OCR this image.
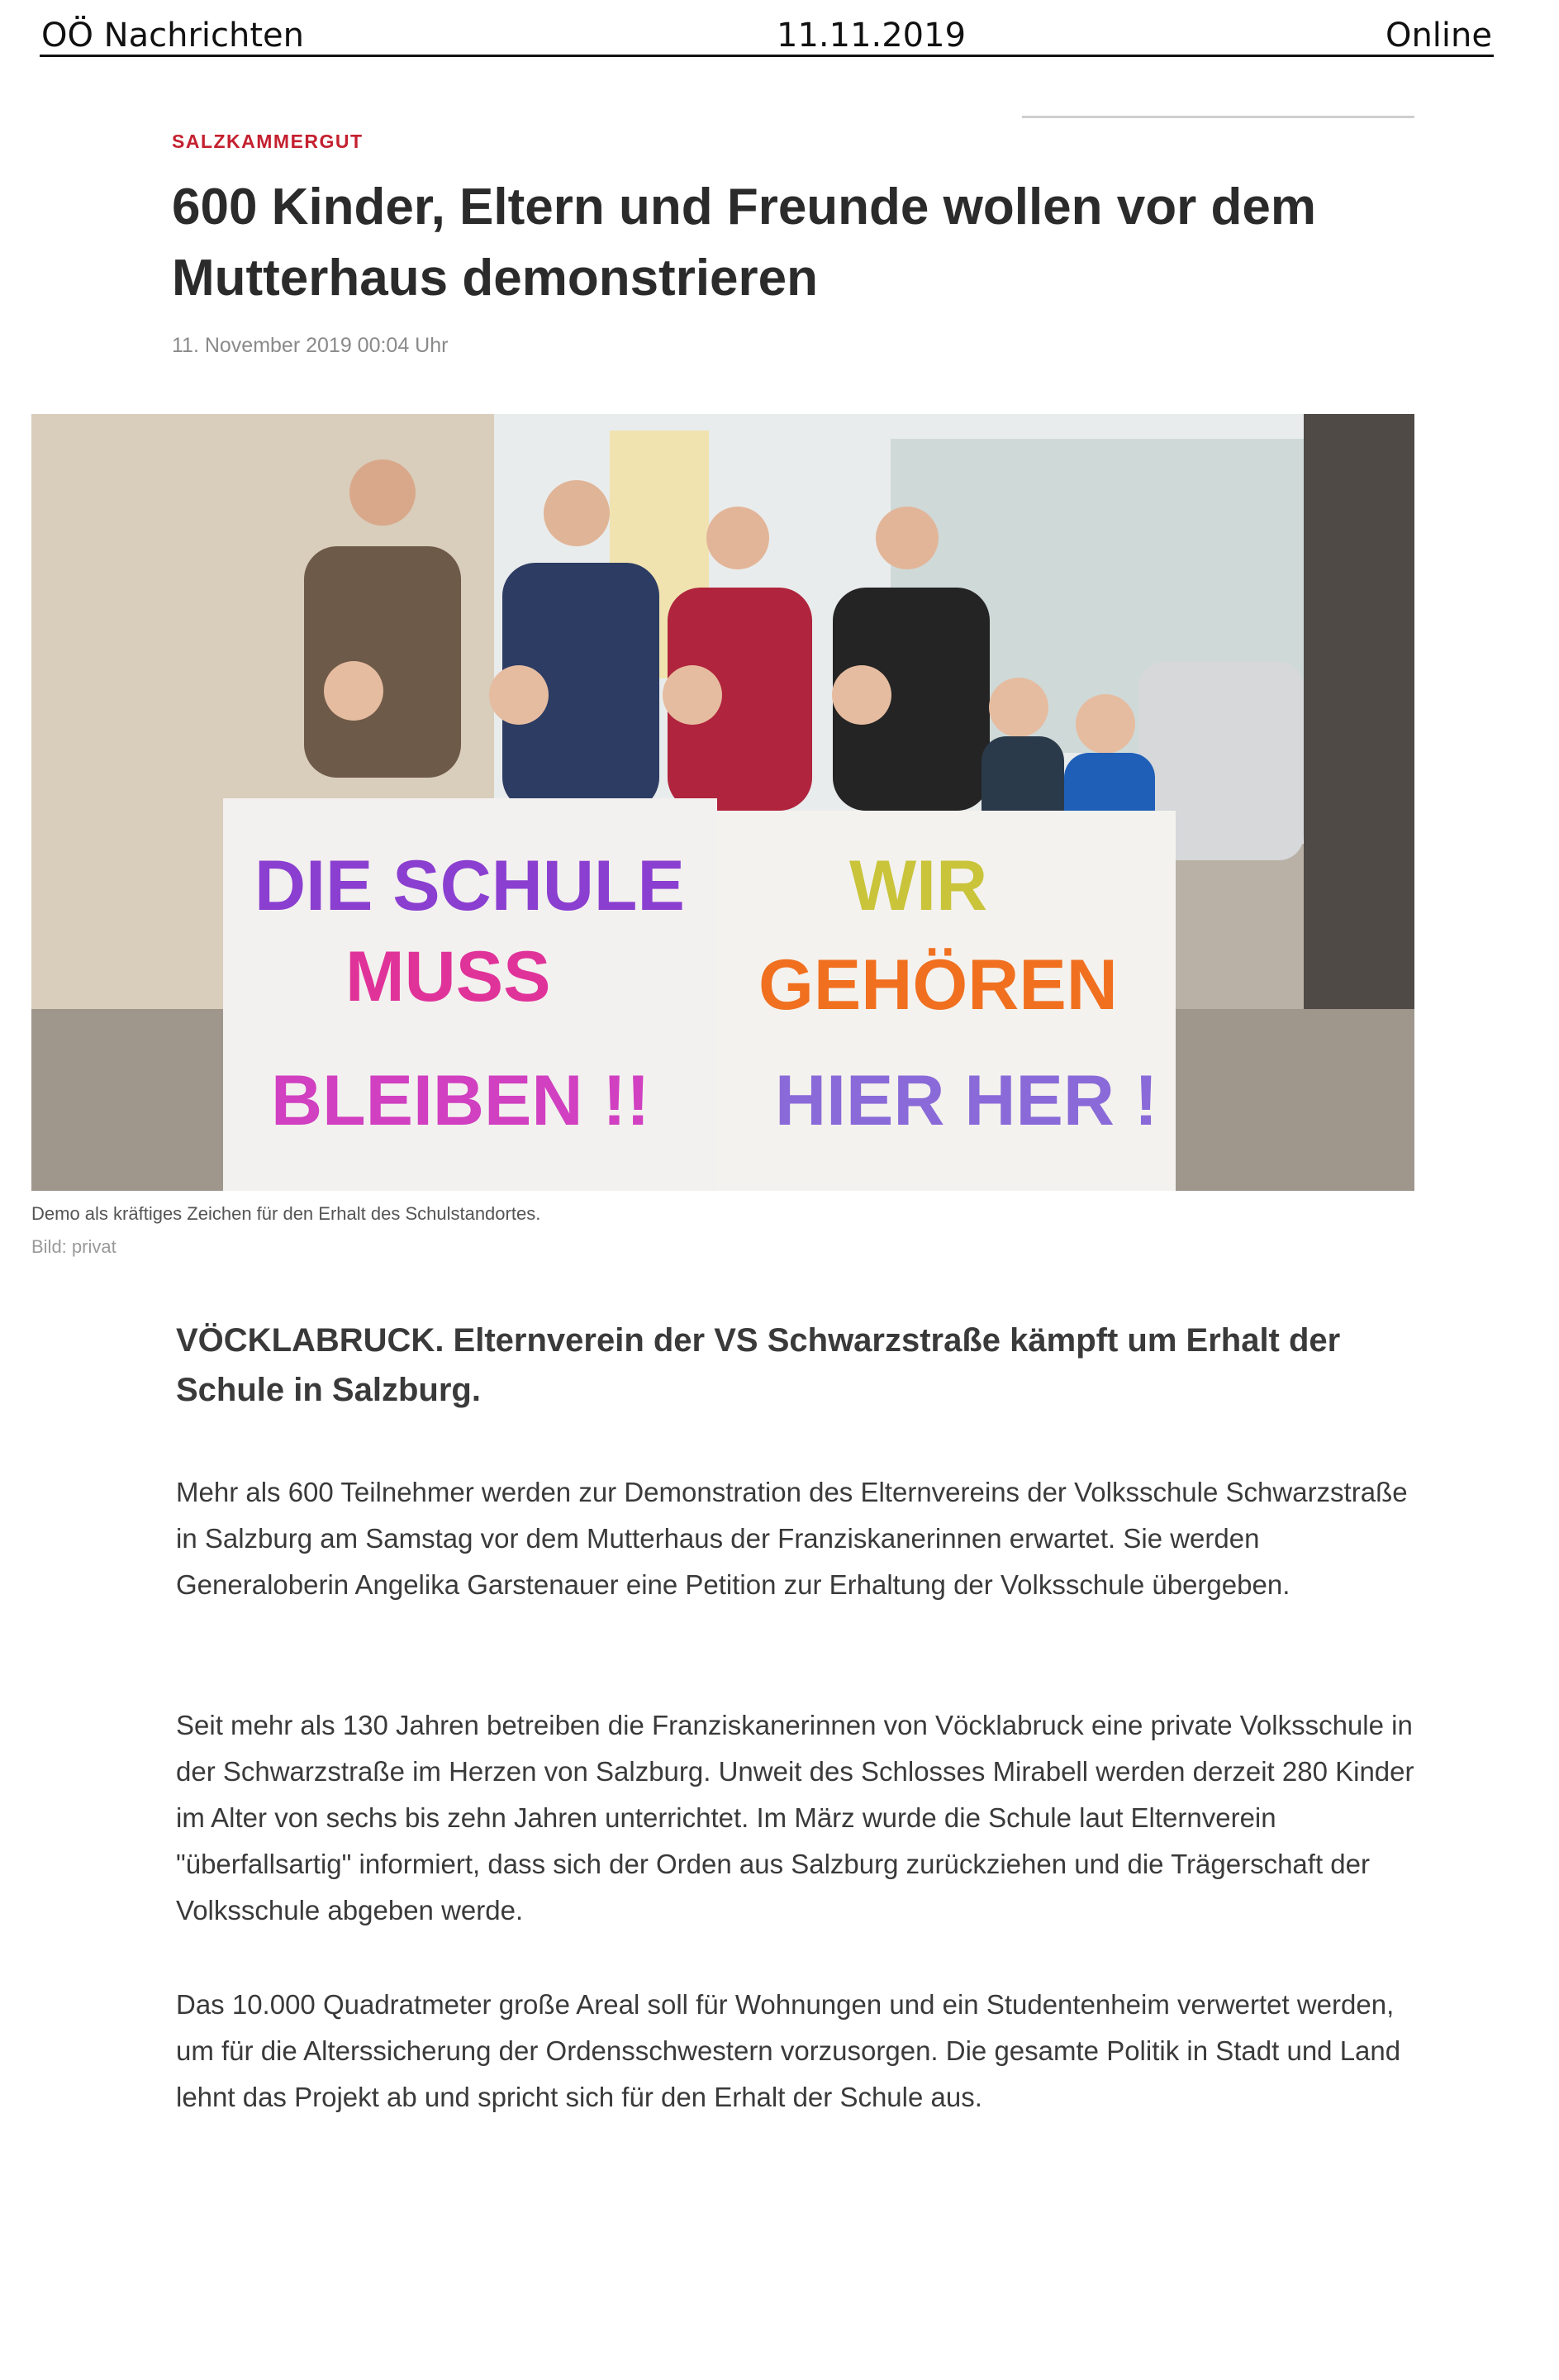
OÖ Nachrichten	11.11.2019	Online
SALZKAMMERGUT
600 Kinder, Eltern und Freunde wollen vor dem Mutterhaus demonstrieren
11. November 2019 00:04 Uhr
DIE SCHULE
MUSS
BLEIBEN !!
WIR
GEHÖREN
HIER HER !
Demo als kräftiges Zeichen für den Erhalt des Schulstandortes.
Bild: privat

VÖCKLABRUCK. Elternverein der VS Schwarzstraße kämpft um Erhalt der Schule in Salzburg.

Mehr als 600 Teilnehmer werden zur Demonstration des Elternvereins der Volksschule Schwarzstraße in Salzburg am Samstag vor dem Mutterhaus der Franziskanerinnen erwartet. Sie werden Generaloberin Angelika Garstenauer eine Petition zur Erhaltung der Volksschule übergeben.

Seit mehr als 130 Jahren betreiben die Franziskanerinnen von Vöcklabruck eine private Volksschule in der Schwarzstraße im Herzen von Salzburg. Unweit des Schlosses Mirabell werden derzeit 280 Kinder im Alter von sechs bis zehn Jahren unterrichtet. Im März wurde die Schule laut Elternverein "überfallsartig" informiert, dass sich der Orden aus Salzburg zurückziehen und die Trägerschaft der Volksschule abgeben werde.

Das 10.000 Quadratmeter große Areal soll für Wohnungen und ein Studentenheim verwertet werden, um für die Alterssicherung der Ordensschwestern vorzusorgen. Die gesamte Politik in Stadt und Land lehnt das Projekt ab und spricht sich für den Erhalt der Schule aus.
